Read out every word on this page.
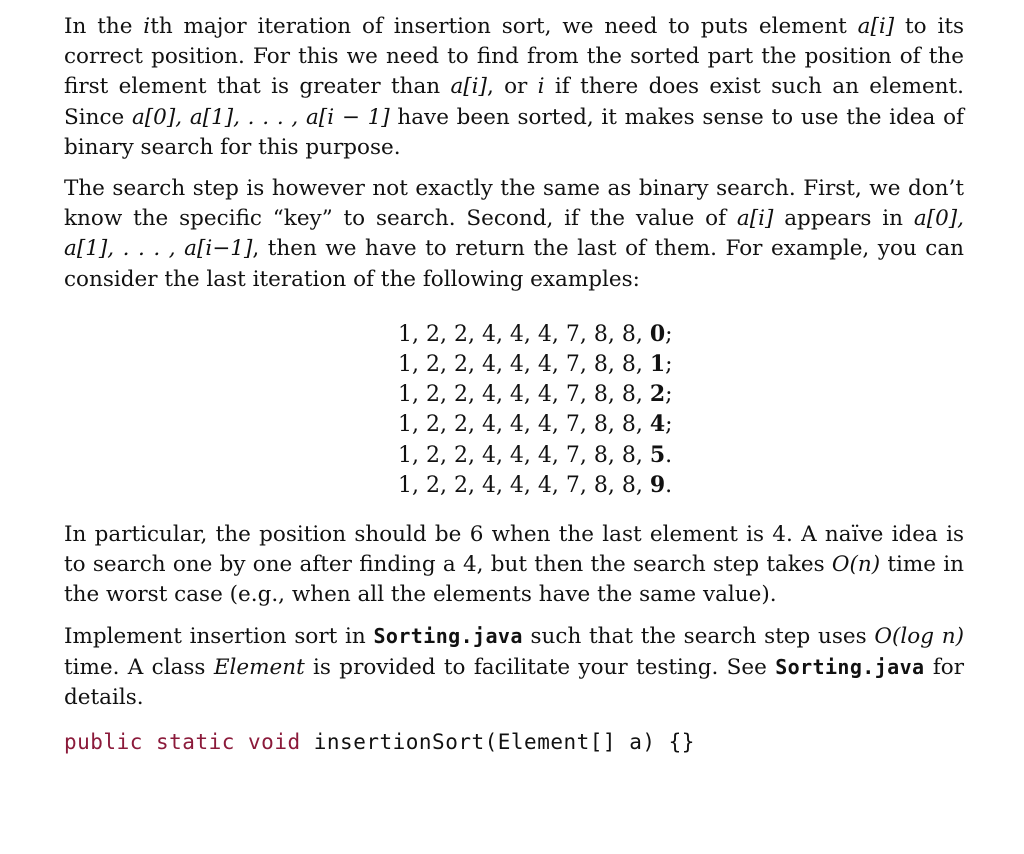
In the ith major iteration of insertion sort, we need to puts element a[i] to its correct position. For this we need to find from the sorted part the position of the first element that is greater than a[i], or i if there does exist such an element. Since a[0], a[1], . . . , a[i − 1] have been sorted, it makes sense to use the idea of binary search for this purpose.

The search step is however not exactly the same as binary search. First, we don’t know the specific “key” to search. Second, if the value of a[i] appears in a[0], a[1], . . . , a[i−1], then we have to return the last of them. For example, you can consider the last iteration of the following examples:

1, 2, 2, 4, 4, 4, 7, 8, 8, 0;
1, 2, 2, 4, 4, 4, 7, 8, 8, 1;
1, 2, 2, 4, 4, 4, 7, 8, 8, 2;
1, 2, 2, 4, 4, 4, 7, 8, 8, 4;
1, 2, 2, 4, 4, 4, 7, 8, 8, 5.
1, 2, 2, 4, 4, 4, 7, 8, 8, 9.

In particular, the position should be 6 when the last element is 4. A naïve idea is to search one by one after finding a 4, but then the search step takes O(n) time in the worst case (e.g., when all the elements have the same value).

Implement insertion sort in Sorting.java such that the search step uses O(log n) time. A class Element is provided to facilitate your testing. See Sorting.java for details.

public static void insertionSort(Element[] a) {}
